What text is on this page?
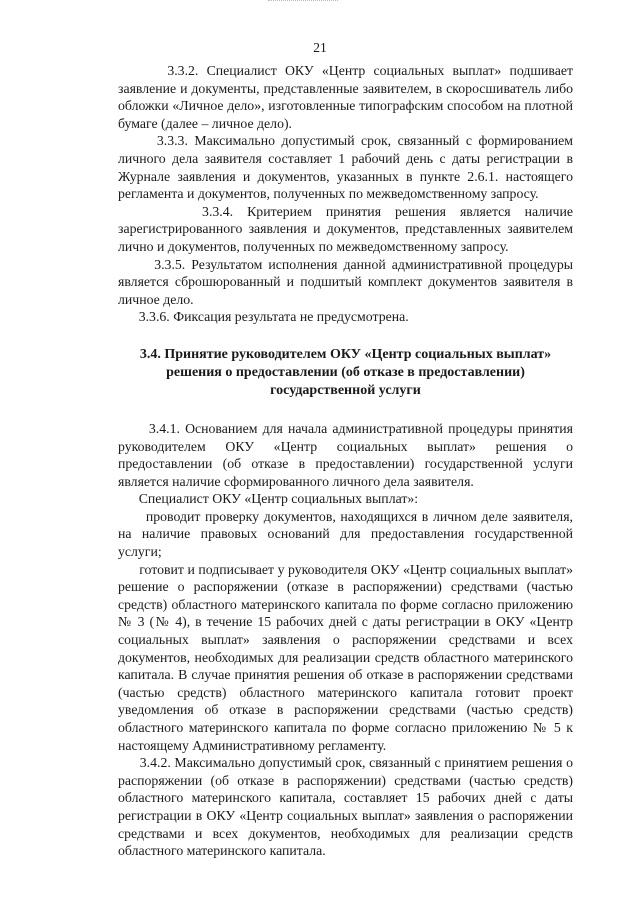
21

3.3.2. Специалист ОКУ «Центр социальных выплат» подшивает заявление и документы, представленные заявителем, в скоросшиватель либо обложки «Личное дело», изготовленные типографским способом на плотной бумаге (далее – личное дело).

3.3.3. Максимально допустимый срок, связанный с формированием личного дела заявителя составляет 1 рабочий день с даты регистрации в Журнале заявления и документов, указанных в пункте 2.6.1. настоящего регламента и документов, полученных по межведомственному запросу.

3.3.4. Критерием принятия решения является наличие зарегистрированного заявления и документов, представленных заявителем лично и документов, полученных по межведомственному запросу.

3.3.5. Результатом исполнения данной административной процедуры является сброшюрованный и подшитый комплект документов заявителя в личное дело.

3.3.6. Фиксация результата не предусмотрена.

3.4. Принятие руководителем ОКУ «Центр социальных выплат»

решения о предоставлении (об отказе в предоставлении)

государственной услуги

3.4.1. Основанием для начала административной процедуры принятия руководителем ОКУ «Центр социальных выплат» решения о предоставлении (об отказе в предоставлении) государственной услуги является наличие сформированного личного дела заявителя.

Специалист ОКУ «Центр социальных выплат»:

проводит проверку документов, находящихся в личном деле заявителя, на наличие правовых оснований для предоставления государственной услуги;

готовит и подписывает у руководителя ОКУ «Центр социальных выплат» решение о распоряжении (отказе в распоряжении) средствами (частью средств) областного материнского капитала по форме согласно приложению № 3 (№ 4), в течение 15 рабочих дней с даты регистрации в ОКУ «Центр социальных выплат» заявления о распоряжении средствами и всех документов, необходимых для реализации средств областного материнского капитала. В случае принятия решения об отказе в распоряжении средствами (частью средств) областного материнского капитала готовит проект уведомления об отказе в распоряжении средствами (частью средств) областного материнского капитала по форме согласно приложению № 5 к настоящему Административному регламенту.

3.4.2. Максимально допустимый срок, связанный с принятием решения о распоряжении (об отказе в распоряжении) средствами (частью средств) областного материнского капитала, составляет 15 рабочих дней с даты регистрации в ОКУ «Центр социальных выплат» заявления о распоряжении средствами и всех документов, необходимых для реализации средств областного материнского капитала.
